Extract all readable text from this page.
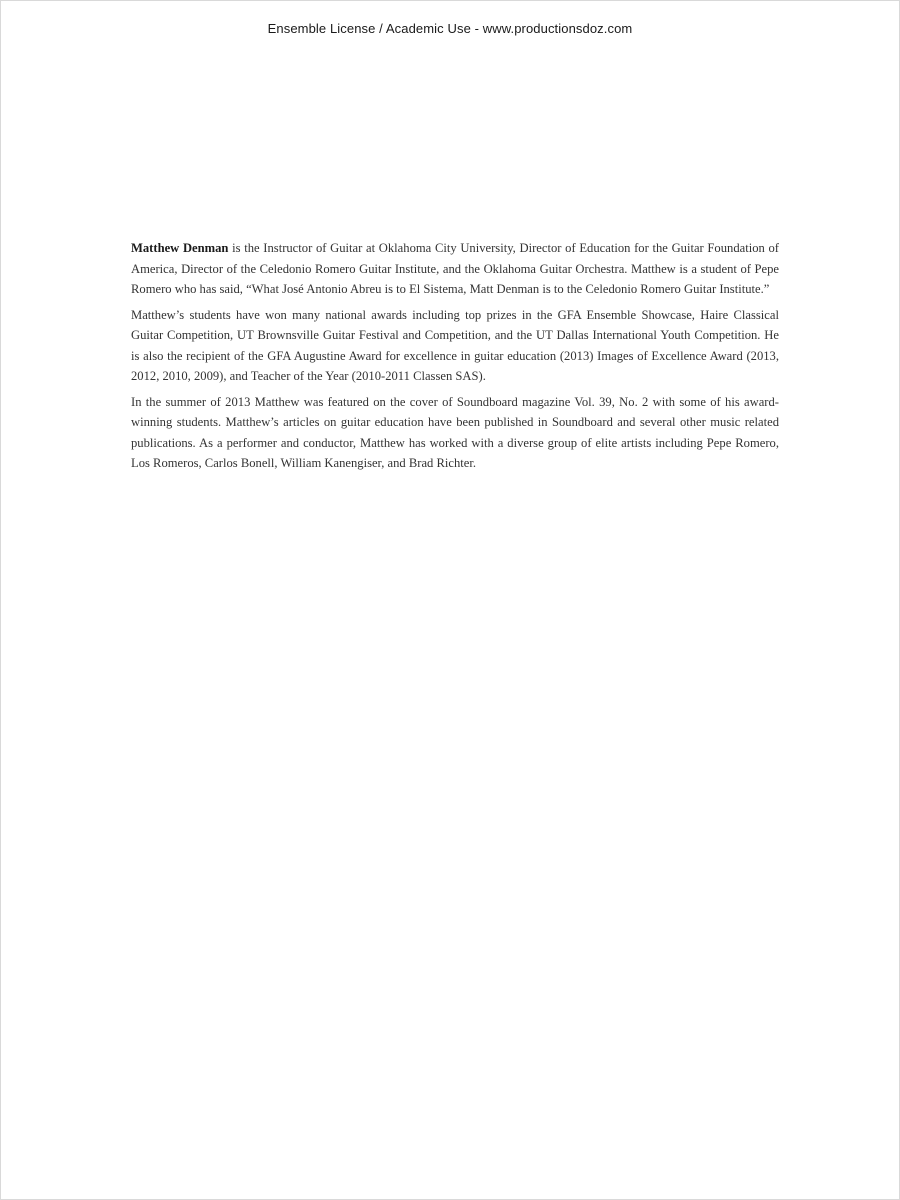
Ensemble License / Academic Use - www.productionsdoz.com

Matthew Denman is the Instructor of Guitar at Oklahoma City University, Director of Education for the Guitar Foundation of America, Director of the Celedonio Romero Guitar Institute, and the Oklahoma Guitar Orchestra. Matthew is a student of Pepe Romero who has said, “What José Antonio Abreu is to El Sistema, Matt Denman is to the Celedonio Romero Guitar Institute.”

Matthew’s students have won many national awards including top prizes in the GFA Ensemble Showcase, Haire Classical Guitar Competition, UT Brownsville Guitar Festival and Competition, and the UT Dallas International Youth Competition. He is also the recipient of the GFA Augustine Award for excellence in guitar education (2013) Images of Excellence Award (2013, 2012, 2010, 2009), and Teacher of the Year (2010-2011 Classen SAS).

In the summer of 2013 Matthew was featured on the cover of Soundboard magazine Vol. 39, No. 2 with some of his award-winning students. Matthew’s articles on guitar education have been published in Soundboard and several other music related publications. As a performer and conductor, Matthew has worked with a diverse group of elite artists including Pepe Romero, Los Romeros, Carlos Bonell, William Kanengiser, and Brad Richter.
